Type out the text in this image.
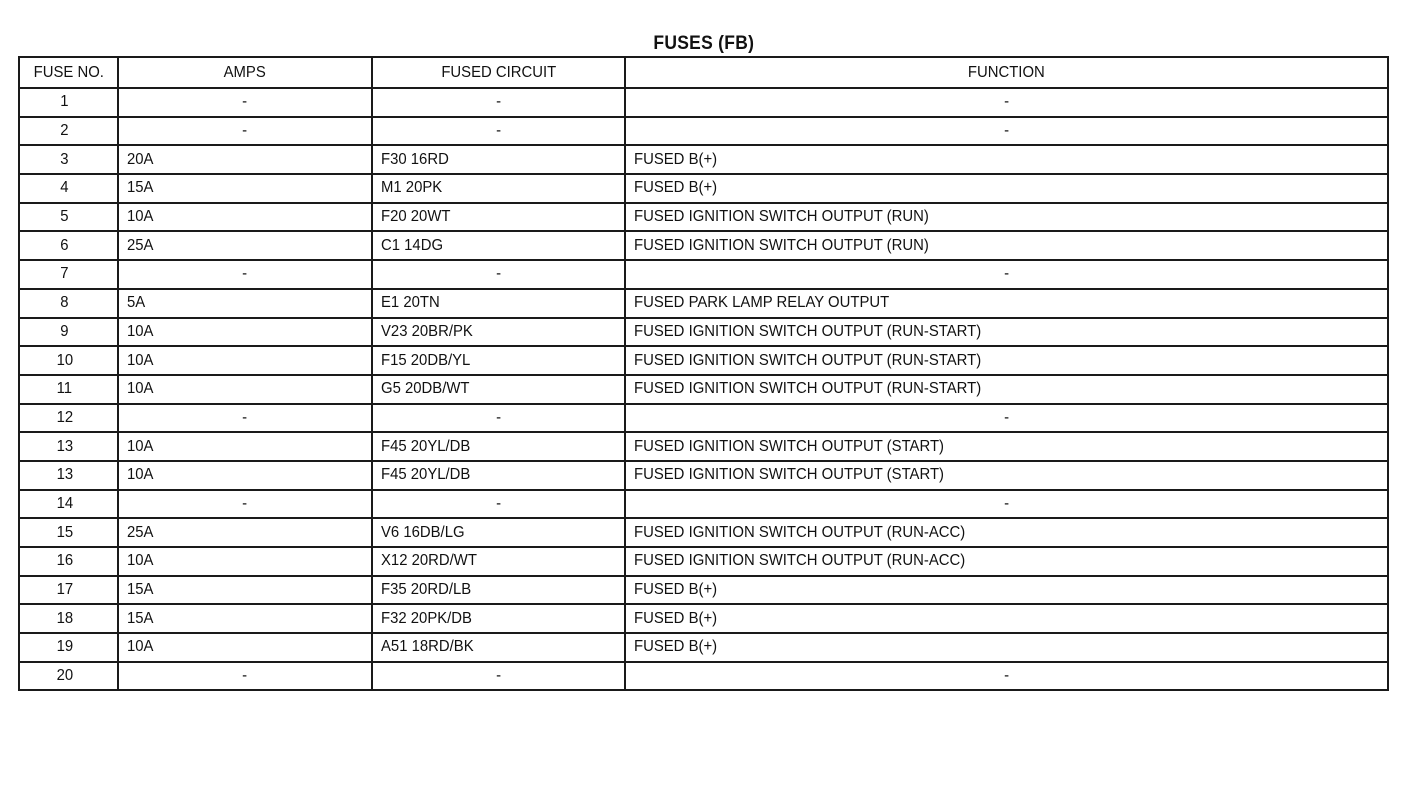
FUSES (FB)
FUSE NO.	AMPS	FUSED CIRCUIT	FUNCTION
1	-	-	-
2	-	-	-
3	20A	F30 16RD	FUSED B(+)
4	15A	M1 20PK	FUSED B(+)
5	10A	F20 20WT	FUSED IGNITION SWITCH OUTPUT (RUN)
6	25A	C1 14DG	FUSED IGNITION SWITCH OUTPUT (RUN)
7	-	-	-
8	5A	E1 20TN	FUSED PARK LAMP RELAY OUTPUT
9	10A	V23 20BR/PK	FUSED IGNITION SWITCH OUTPUT (RUN-START)
10	10A	F15 20DB/YL	FUSED IGNITION SWITCH OUTPUT (RUN-START)
11	10A	G5 20DB/WT	FUSED IGNITION SWITCH OUTPUT (RUN-START)
12	-	-	-
13	10A	F45 20YL/DB	FUSED IGNITION SWITCH OUTPUT (START)
13	10A	F45 20YL/DB	FUSED IGNITION SWITCH OUTPUT (START)
14	-	-	-
15	25A	V6 16DB/LG	FUSED IGNITION SWITCH OUTPUT (RUN-ACC)
16	10A	X12 20RD/WT	FUSED IGNITION SWITCH OUTPUT (RUN-ACC)
17	15A	F35 20RD/LB	FUSED B(+)
18	15A	F32 20PK/DB	FUSED B(+)
19	10A	A51 18RD/BK	FUSED B(+)
20	-	-	-
